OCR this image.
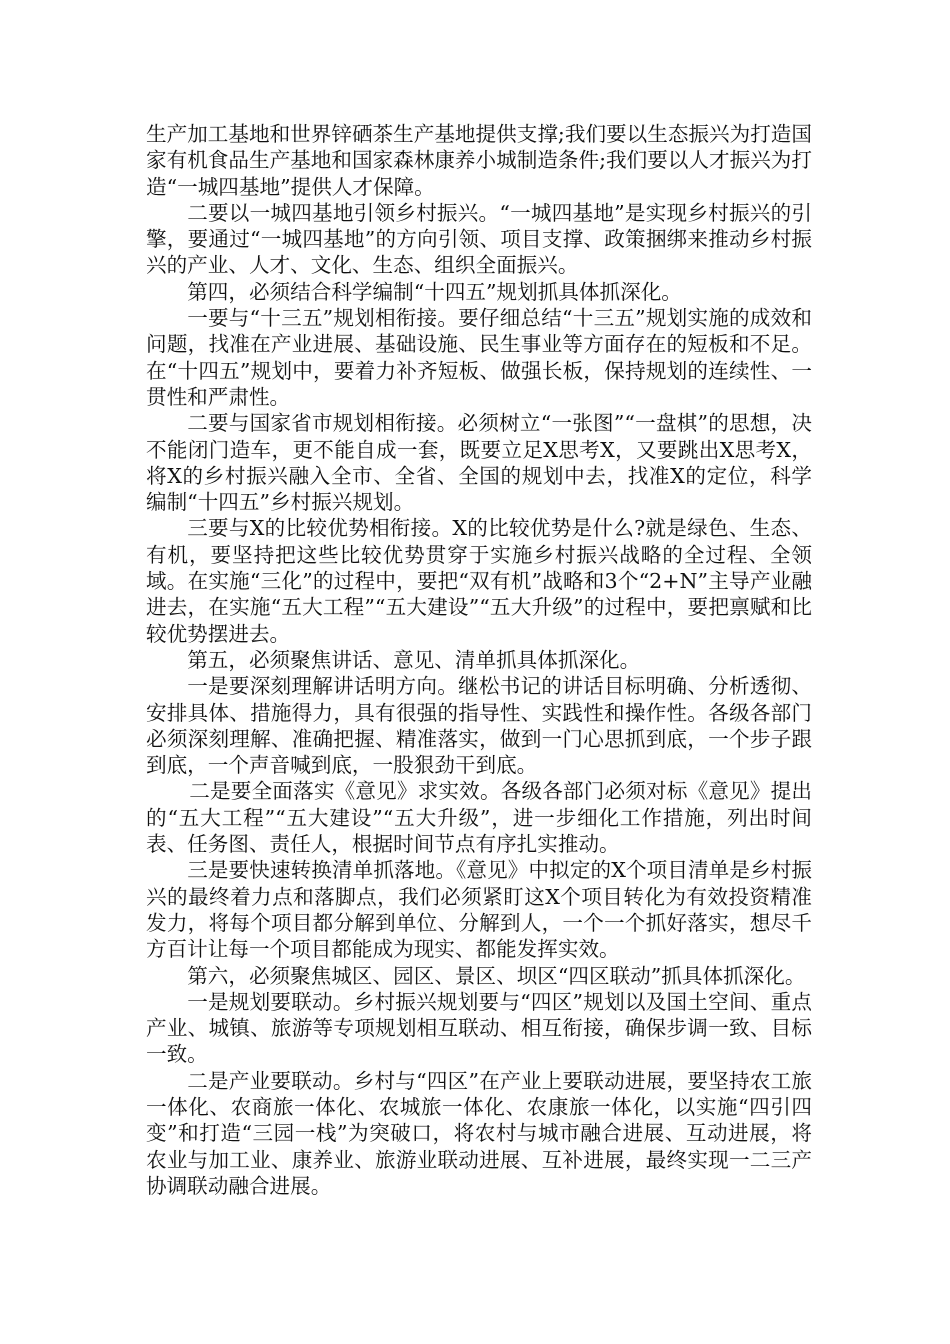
生产加工基地和世界锌硒茶生产基地提供支撑;我们要以生态振兴为打造国家有机食品生产基地和国家森林康养小城制造条件;我们要以人才振兴为打造“一城四基地”提供人才保障。

二要以一城四基地引领乡村振兴。“一城四基地”是实现乡村振兴的引擎，要通过“一城四基地”的方向引领、项目支撑、政策捆绑来推动乡村振兴的产业、人才、文化、生态、组织全面振兴。

第四，必须结合科学编制“十四五”规划抓具体抓深化。

一要与“十三五”规划相衔接。要仔细总结“十三五”规划实施的成效和问题，找准在产业进展、基础设施、民生事业等方面存在的短板和不足。在“十四五”规划中，要着力补齐短板、做强长板，保持规划的连续性、一贯性和严肃性。

二要与国家省市规划相衔接。必须树立“一张图”“一盘棋”的思想，决不能闭门造车，更不能自成一套，既要立足X思考X，又要跳出X思考X，将X的乡村振兴融入全市、全省、全国的规划中去，找准X的定位，科学编制“十四五”乡村振兴规划。

三要与X的比较优势相衔接。X的比较优势是什么?就是绿色、生态、有机，要坚持把这些比较优势贯穿于实施乡村振兴战略的全过程、全领域。在实施“三化”的过程中，要把“双有机”战略和3个“2+N”主导产业融进去，在实施“五大工程”“五大建设”“五大升级”的过程中，要把禀赋和比较优势摆进去。

第五，必须聚焦讲话、意见、清单抓具体抓深化。

一是要深刻理解讲话明方向。继松书记的讲话目标明确、分析透彻、安排具体、措施得力，具有很强的指导性、实践性和操作性。各级各部门必须深刻理解、准确把握、精准落实，做到一门心思抓到底，一个步子跟到底，一个声音喊到底，一股狠劲干到底。

二是要全面落实《意见》求实效。各级各部门必须对标《意见》提出的“五大工程”“五大建设”“五大升级”，进一步细化工作措施，列出时间表、任务图、责任人，根据时间节点有序扎实推动。

三是要快速转换清单抓落地。《意见》中拟定的X个项目清单是乡村振兴的最终着力点和落脚点，我们必须紧盯这X个项目转化为有效投资精准发力，将每个项目都分解到单位、分解到人，一个一个抓好落实，想尽千方百计让每一个项目都能成为现实、都能发挥实效。

第六，必须聚焦城区、园区、景区、坝区“四区联动”抓具体抓深化。

一是规划要联动。乡村振兴规划要与“四区”规划以及国土空间、重点产业、城镇、旅游等专项规划相互联动、相互衔接，确保步调一致、目标一致。

二是产业要联动。乡村与“四区”在产业上要联动进展，要坚持农工旅一体化、农商旅一体化、农城旅一体化、农康旅一体化，以实施“四引四变”和打造“三园一栈”为突破口，将农村与城市融合进展、互动进展，将农业与加工业、康养业、旅游业联动进展、互补进展，最终实现一二三产协调联动融合进展。
